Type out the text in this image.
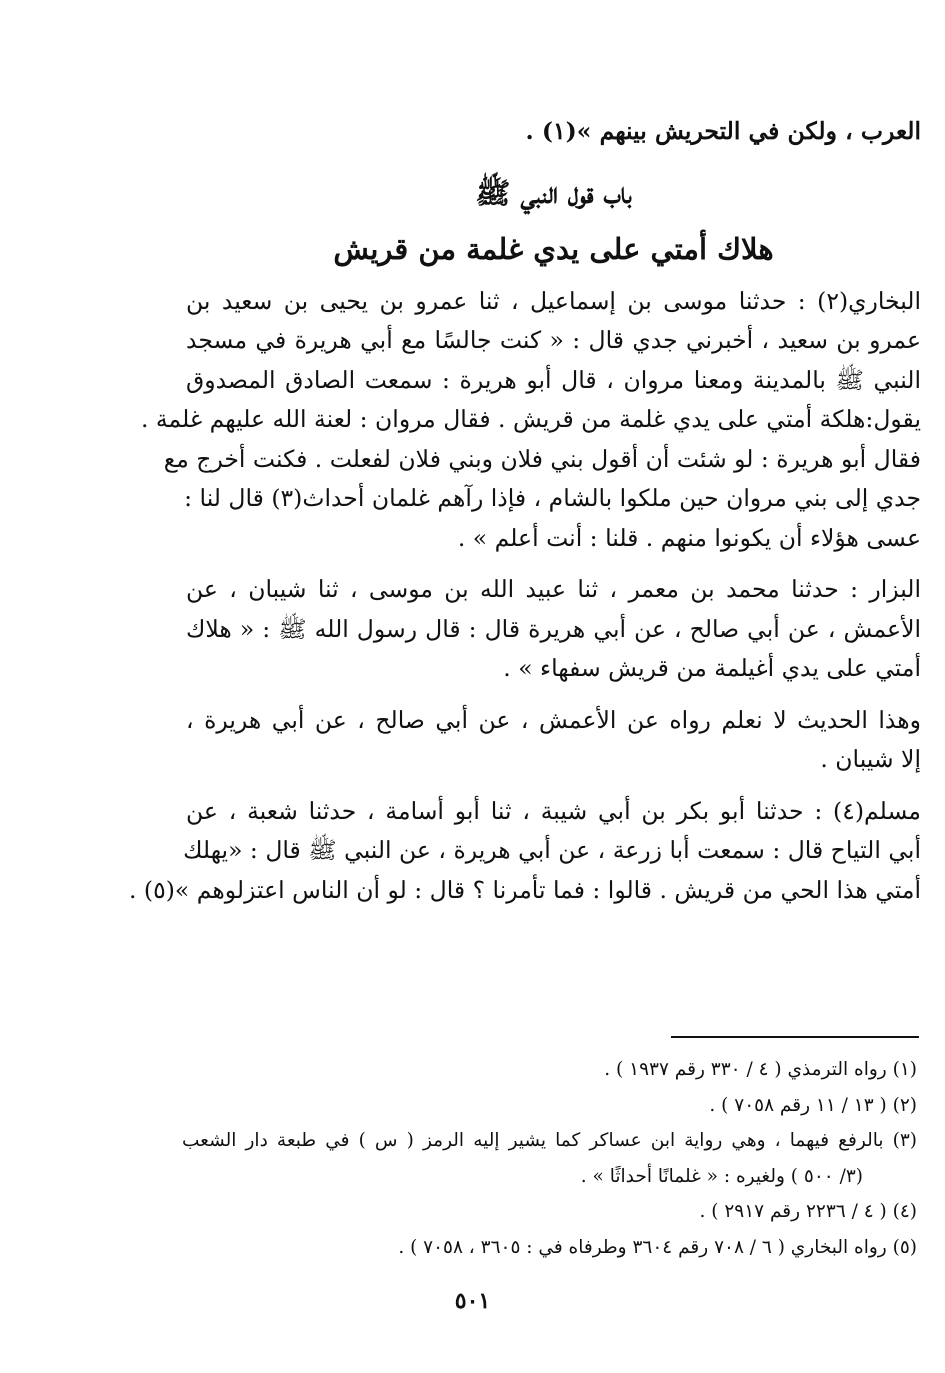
العرب ، ولكن في التحريش بينهم »(١) .
باب قول النبي ﷺ
هلاك أمتي على يدي غلمة من قريش
البخاري(٢) : حدثنا موسى بن إسماعيل ، ثنا عمرو بن يحيى بن سعيد بن
عمرو بن سعيد ، أخبرني جدي قال : « كنت جالسًا مع أبي هريرة في مسجد
النبي ﷺ بالمدينة ومعنا مروان ، قال أبو هريرة : سمعت الصادق المصدوق
يقول:هلكة أمتي على يدي غلمة من قريش . فقال مروان : لعنة الله عليهم غلمة .
فقال أبو هريرة : لو شئت أن أقول بني فلان وبني فلان لفعلت . فكنت أخرج مع
جدي إلى بني مروان حين ملكوا بالشام ، فإذا رآهم غلمان أحداث(٣) قال لنا :
عسى هؤلاء أن يكونوا منهم . قلنا : أنت أعلم » .
البزار : حدثنا محمد بن معمر ، ثنا عبيد الله بن موسى ، ثنا شيبان ، عن
الأعمش ، عن أبي صالح ، عن أبي هريرة قال : قال رسول الله ﷺ : « هلاك
أمتي على يدي أغيلمة من قريش سفهاء » .
وهذا الحديث لا نعلم رواه عن الأعمش ، عن أبي صالح ، عن أبي هريرة ،
إلا شيبان .
مسلم(٤) : حدثنا أبو بكر بن أبي شيبة ، ثنا أبو أسامة ، حدثنا شعبة ، عن
أبي التياح قال : سمعت أبا زرعة ، عن أبي هريرة ، عن النبي ﷺ قال : «يهلك
أمتي هذا الحي من قريش . قالوا : فما تأمرنا ؟ قال : لو أن الناس اعتزلوهم »(٥) .
(١) رواه الترمذي ( ٤ / ٣٣٠ رقم ١٩٣٧ ) .
(٢) ( ١٣ / ١١ رقم ٧٠٥٨ ) .
(٣) بالرفع فيهما ، وهي رواية ابن عساكر كما يشير إليه الرمز ( س ) في طبعة دار الشعب
(٣/ ٥٠٠ ) ولغيره : « غلمانًا أحداثًا » .
(٤) ( ٤ / ٢٢٣٦ رقم ٢٩١٧ ) .
(٥) رواه البخاري ( ٦ / ٧٠٨ رقم ٣٦٠٤ وطرفاه في : ٣٦٠٥ ، ٧٠٥٨ ) .
٥٠١
